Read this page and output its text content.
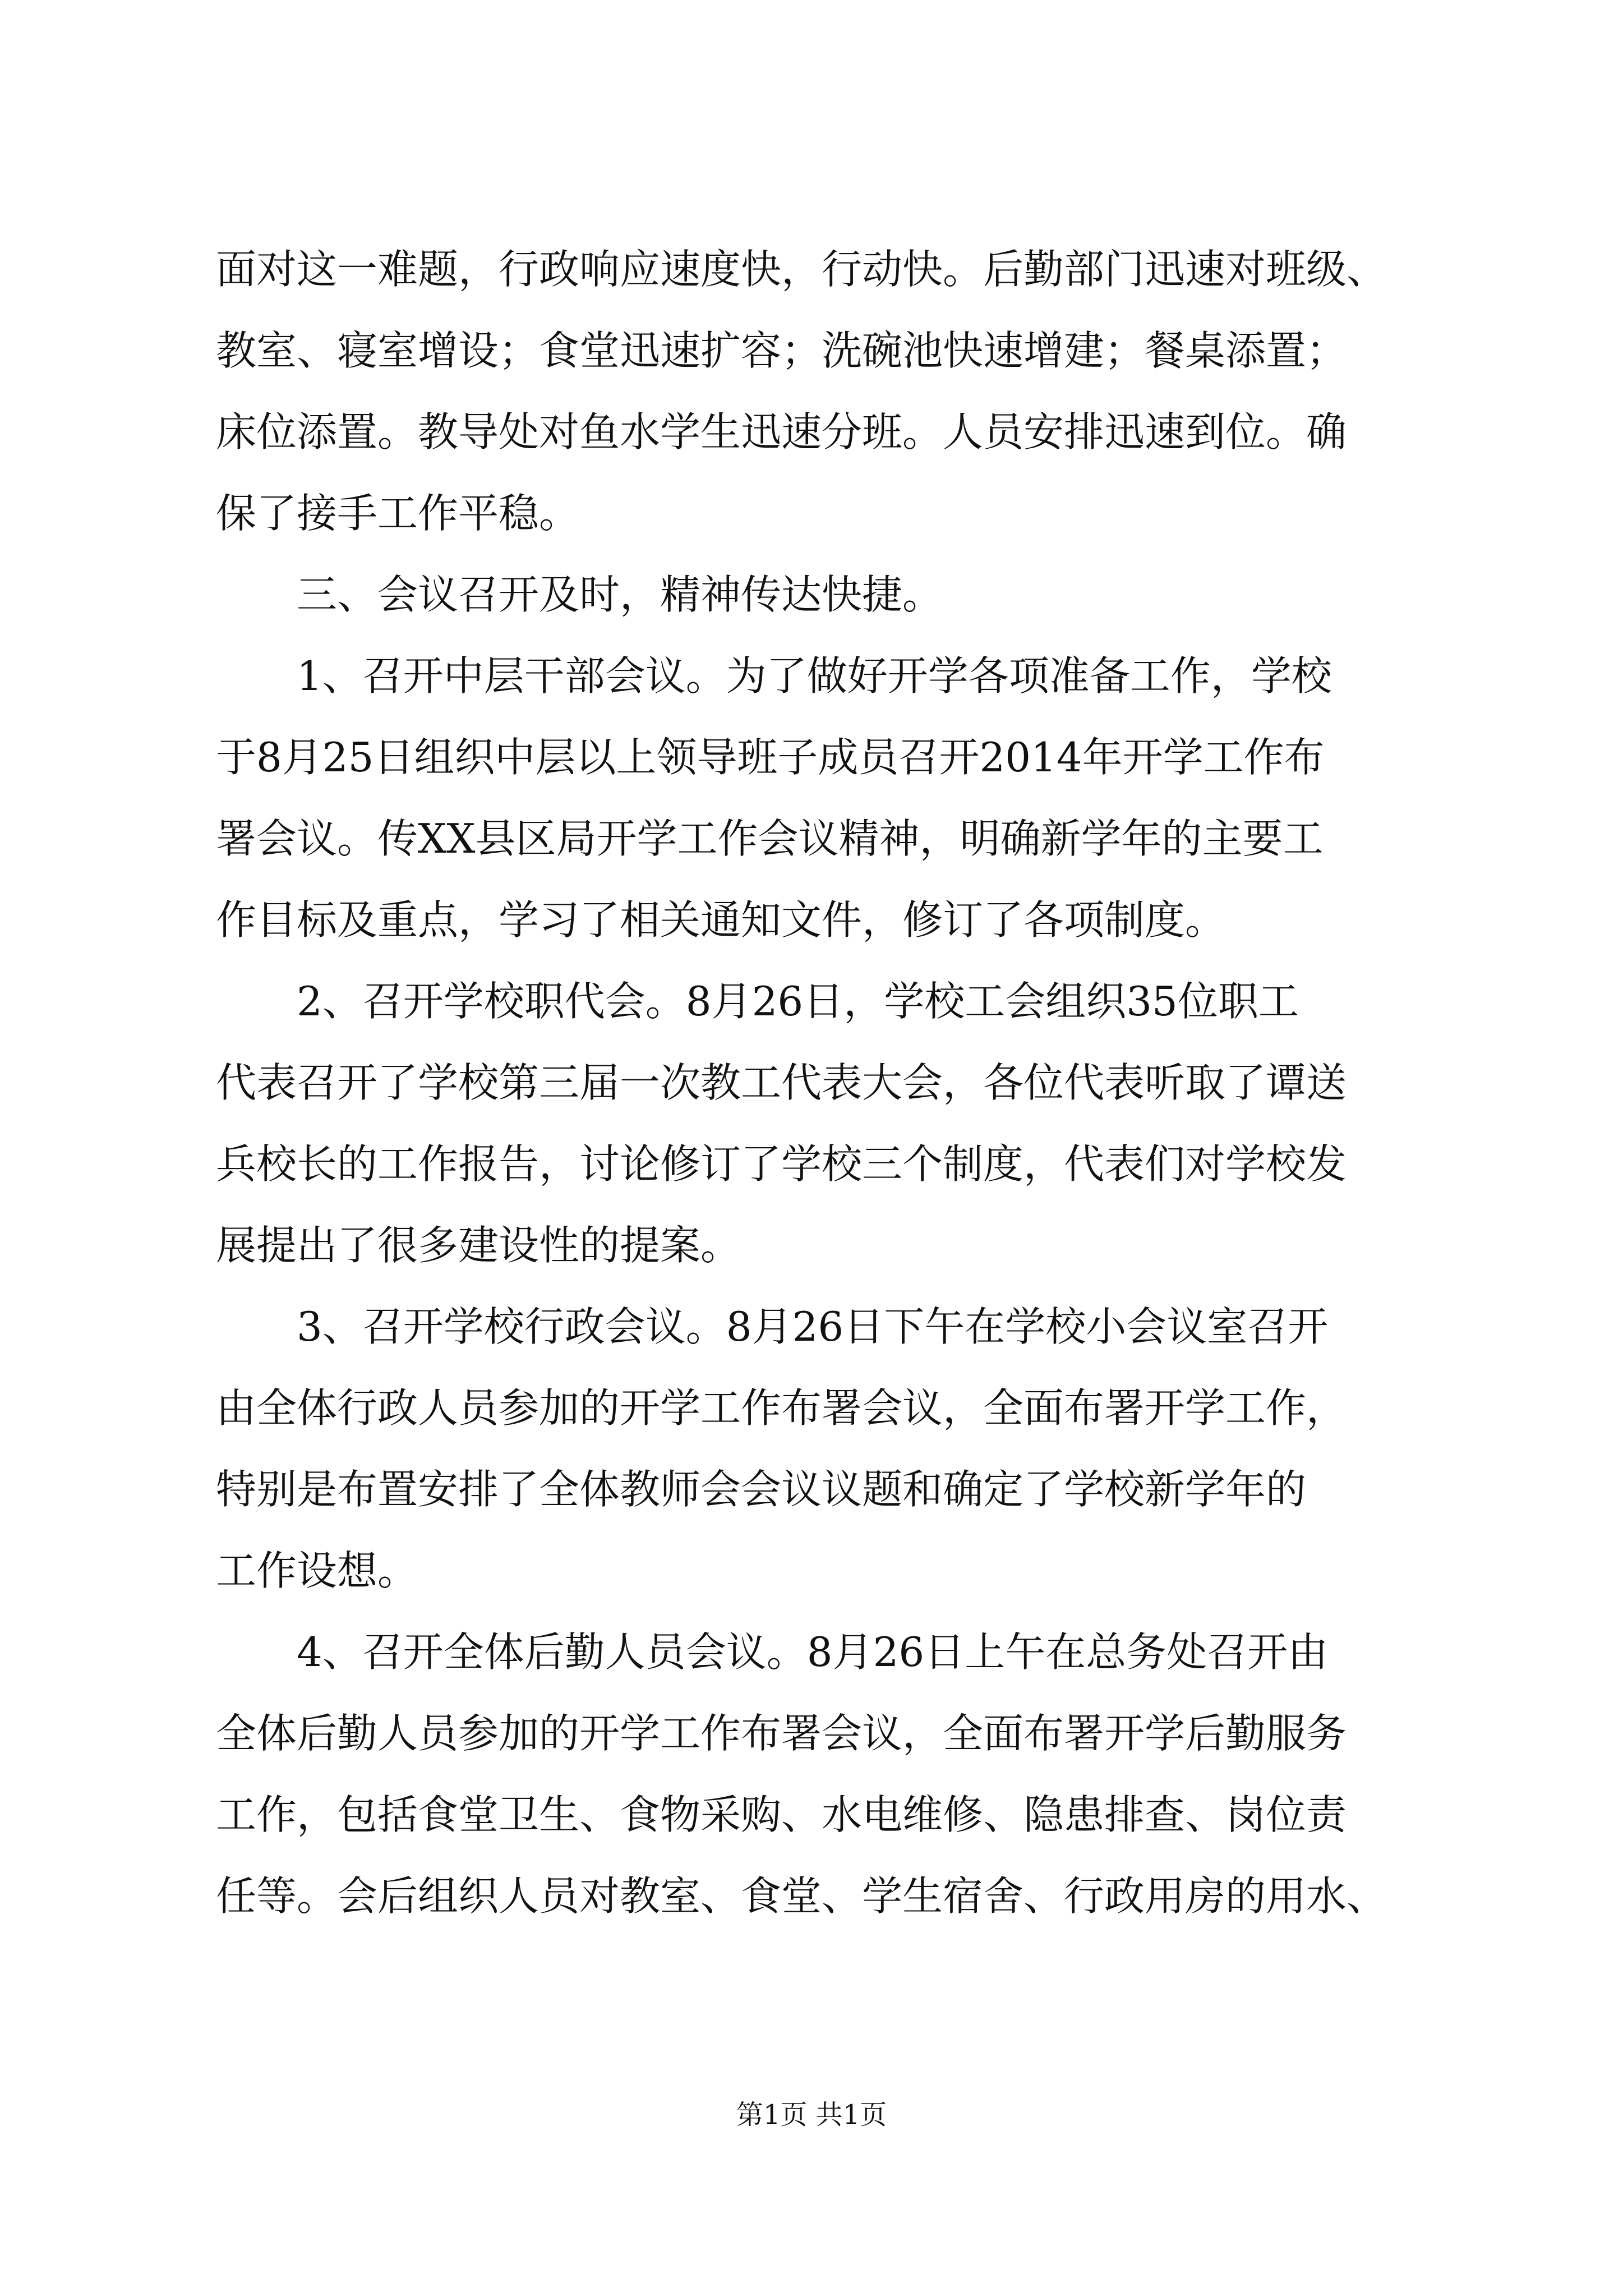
面对这一难题，行政响应速度快，行动快。后勤部门迅速对班级、
教室、寝室增设；食堂迅速扩容；洗碗池快速增建；餐桌添置；
床位添置。教导处对鱼水学生迅速分班。人员安排迅速到位。确
保了接手工作平稳。
三、会议召开及时，精神传达快捷。
1、召开中层干部会议。为了做好开学各项准备工作，学校
于8月25日组织中层以上领导班子成员召开2014年开学工作布
署会议。传XX县区局开学工作会议精神，明确新学年的主要工
作目标及重点，学习了相关通知文件，修订了各项制度。
2、召开学校职代会。8月26日，学校工会组织35位职工
代表召开了学校第三届一次教工代表大会，各位代表听取了谭送
兵校长的工作报告，讨论修订了学校三个制度，代表们对学校发
展提出了很多建设性的提案。
3、召开学校行政会议。8月26日下午在学校小会议室召开
由全体行政人员参加的开学工作布署会议，全面布署开学工作，
特别是布置安排了全体教师会会议议题和确定了学校新学年的
工作设想。
4、召开全体后勤人员会议。8月26日上午在总务处召开由
全体后勤人员参加的开学工作布署会议，全面布署开学后勤服务
工作，包括食堂卫生、食物采购、水电维修、隐患排查、岗位责
任等。会后组织人员对教室、食堂、学生宿舍、行政用房的用水、
第1页 共1页
